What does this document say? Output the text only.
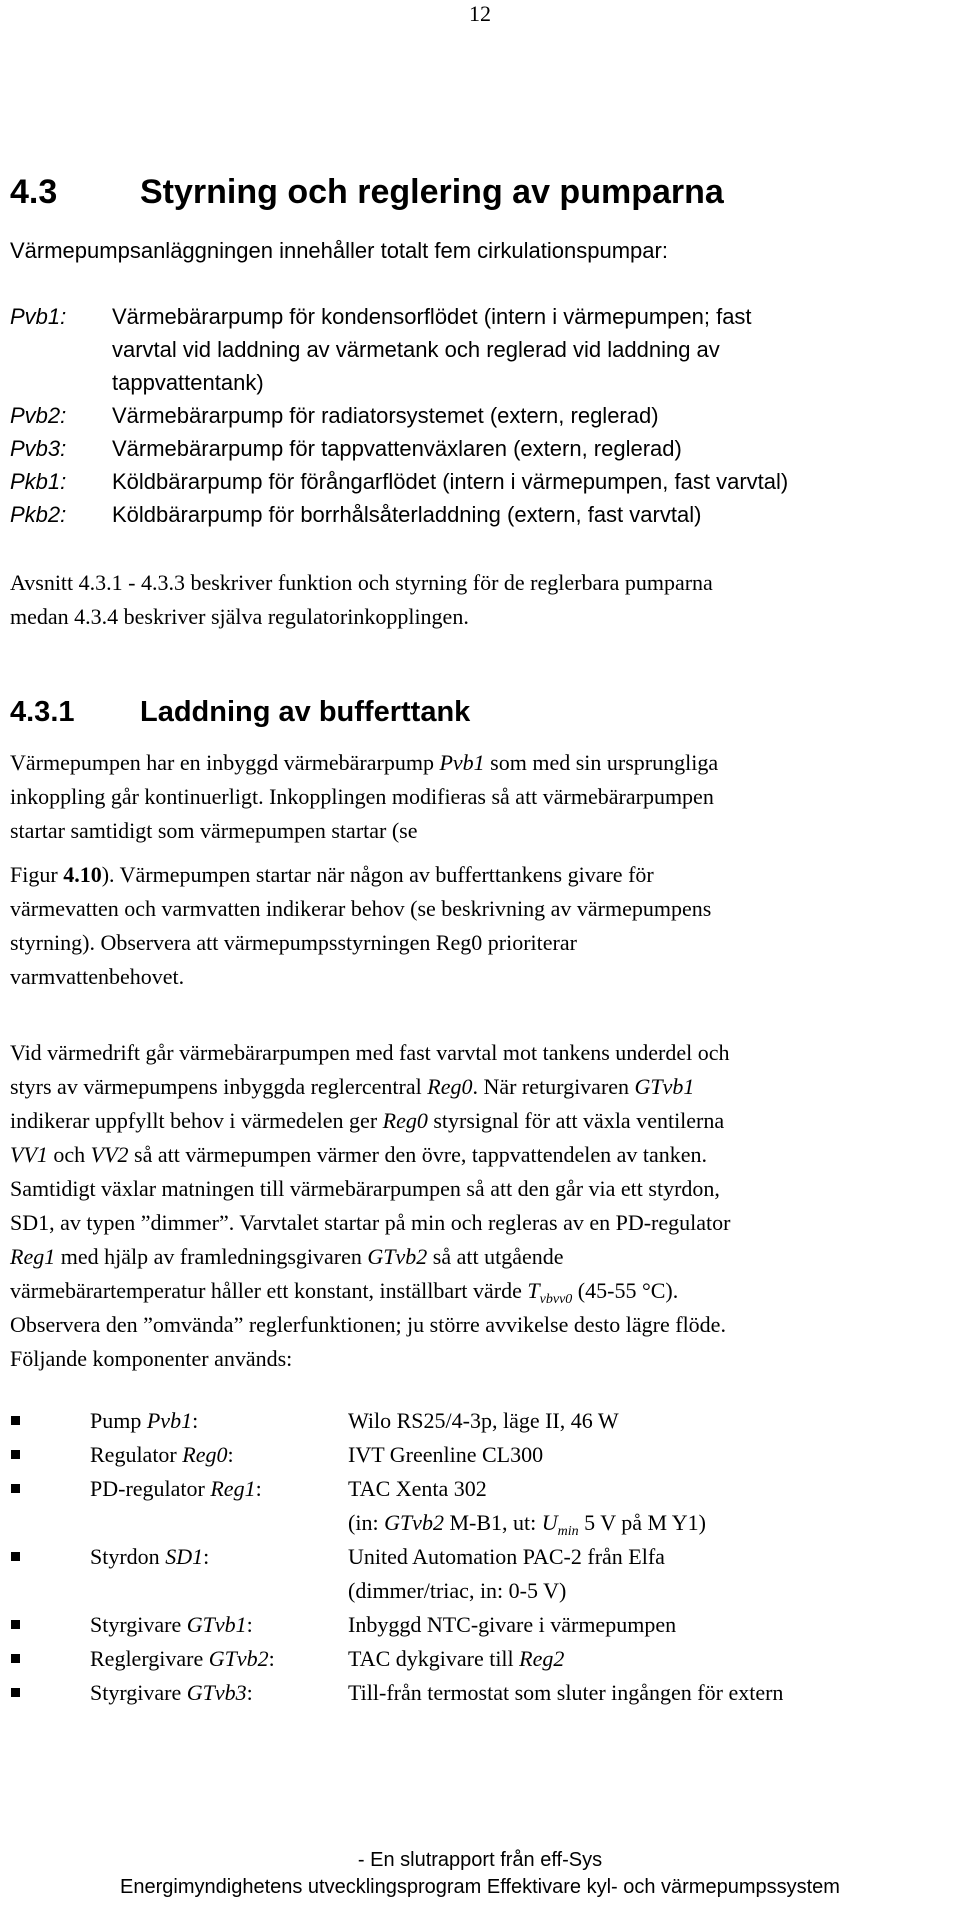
12
4.3 Styrning och reglering av pumparna
Värmepumpsanläggningen innehåller totalt fem cirkulationspumpar:
Pvb1: Värmebärarpump för kondensorflödet (intern i värmepumpen; fast
varvtal vid laddning av värmetank och reglerad vid laddning av
tappvattentank)
Pvb2: Värmebärarpump för radiatorsystemet (extern, reglerad)
Pvb3: Värmebärarpump för tappvattenväxlaren (extern, reglerad)
Pkb1: Köldbärarpump för förångarflödet (intern i värmepumpen, fast varvtal)
Pkb2: Köldbärarpump för borrhålsåterladdning (extern, fast varvtal)
Avsnitt 4.3.1 - 4.3.3 beskriver funktion och styrning för de reglerbara pumparna
medan 4.3.4 beskriver själva regulatorinkopplingen.
4.3.1 Laddning av bufferttank
Värmepumpen har en inbyggd värmebärarpump Pvb1 som med sin ursprungliga
inkoppling går kontinuerligt. Inkopplingen modifieras så att värmebärarpumpen
startar samtidigt som värmepumpen startar (se
Figur 4.10). Värmepumpen startar när någon av bufferttankens givare för
värmevatten och varmvatten indikerar behov (se beskrivning av värmepumpens
styrning). Observera att värmepumpsstyrningen Reg0 prioriterar
varmvattenbehovet.
Vid värmedrift går värmebärarpumpen med fast varvtal mot tankens underdel och
styrs av värmepumpens inbyggda reglercentral Reg0. När returgivaren GTvb1
indikerar uppfyllt behov i värmedelen ger Reg0 styrsignal för att växla ventilerna
VV1 och VV2 så att värmepumpen värmer den övre, tappvattendelen av tanken.
Samtidigt växlar matningen till värmebärarpumpen så att den går via ett styrdon,
SD1, av typen ”dimmer”. Varvtalet startar på min och regleras av en PD-regulator
Reg1 med hjälp av framledningsgivaren GTvb2 så att utgående
värmebärartemperatur håller ett konstant, inställbart värde $T_{vbvv0}$ (45-55 °C).
Observera den ”omvända” reglerfunktionen; ju större avvikelse desto lägre flöde.
Följande komponenter används:
Pump Pvb1:	Wilo RS25/4-3p, läge II, 46 W
Regulator Reg0:	IVT Greenline CL300
PD-regulator Reg1:	TAC Xenta 302
(in: GTvb2 M-B1, ut: $U_{min}$ 5 V på M Y1)
Styrdon SD1:	United Automation PAC-2 från Elfa
(dimmer/triac, in: 0-5 V)
Styrgivare GTvb1:	Inbyggd NTC-givare i värmepumpen
Reglergivare GTvb2:	TAC dykgivare till Reg2
Styrgivare GTvb3:	Till-från termostat som sluter ingången för extern
- En slutrapport från eff-Sys
Energimyndighetens utvecklingsprogram Effektivare kyl- och värmepumpssystem
